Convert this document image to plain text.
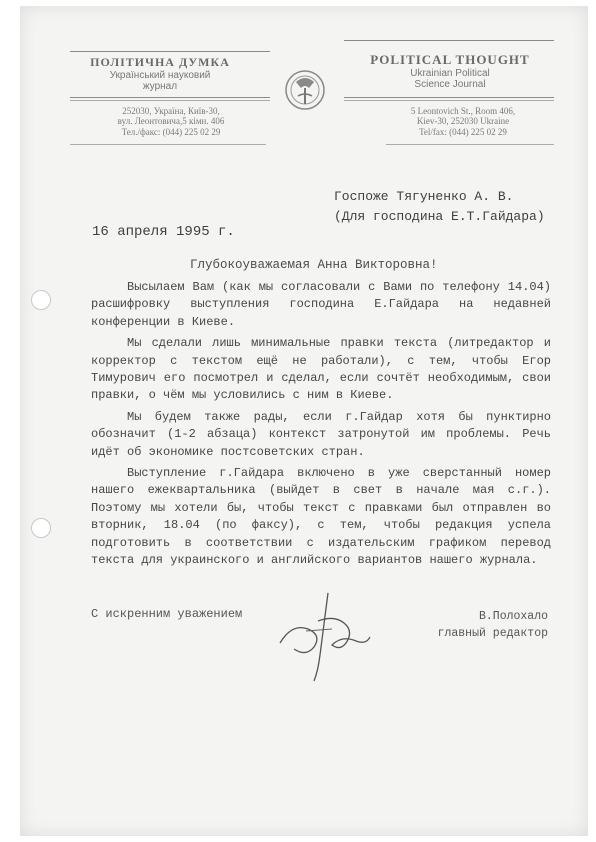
ПОЛІТИЧНА ДУМКА
Український науковий
журнал
POLITICAL THOUGHT
Ukrainian Political
Science Journal
252030, Україна, Київ-30,
вул. Леонтовича,5 кімн. 406
Тел./факс: (044) 225 02 29
5 Leontovich St., Room 406,
Kiev-30, 252030 Ukraine
Tel/fax: (044) 225 02 29
Госпоже Тягуненко А. В.
(Для господина Е.Т.Гайдара)
16 апреля 1995 г.
Глубокоуважаемая Анна Викторовна!

Высылаем Вам (как мы согласовали с Вами по телефону 14.04) расшифровку выступления господина Е.Гайдара на недавней конференции в Киеве.

Мы сделали лишь минимальные правки текста (литредактор и корректор с текстом ещё не работали), с тем, чтобы Егор Тимурович его посмотрел и сделал, если сочтёт необходимым, свои правки, о чём мы условились с ним в Киеве.

Мы будем также рады, если г.Гайдар хотя бы пунктирно обозначит (1-2 абзаца) контекст затронутой им проблемы. Речь идёт об экономике постсоветских стран.

Выступление г.Гайдара включено в уже сверстанный номер нашего ежеквартальника (выйдет в свет в начале мая с.г.). Поэтому мы хотели бы, чтобы текст с правками был отправлен во вторник, 18.04 (по факсу), с тем, чтобы редакция успела подготовить в соответствии с издательским графиком перевод текста для украинского и английского вариантов нашего журнала.

С искренним уважением	В.Полохало
главный редактор
